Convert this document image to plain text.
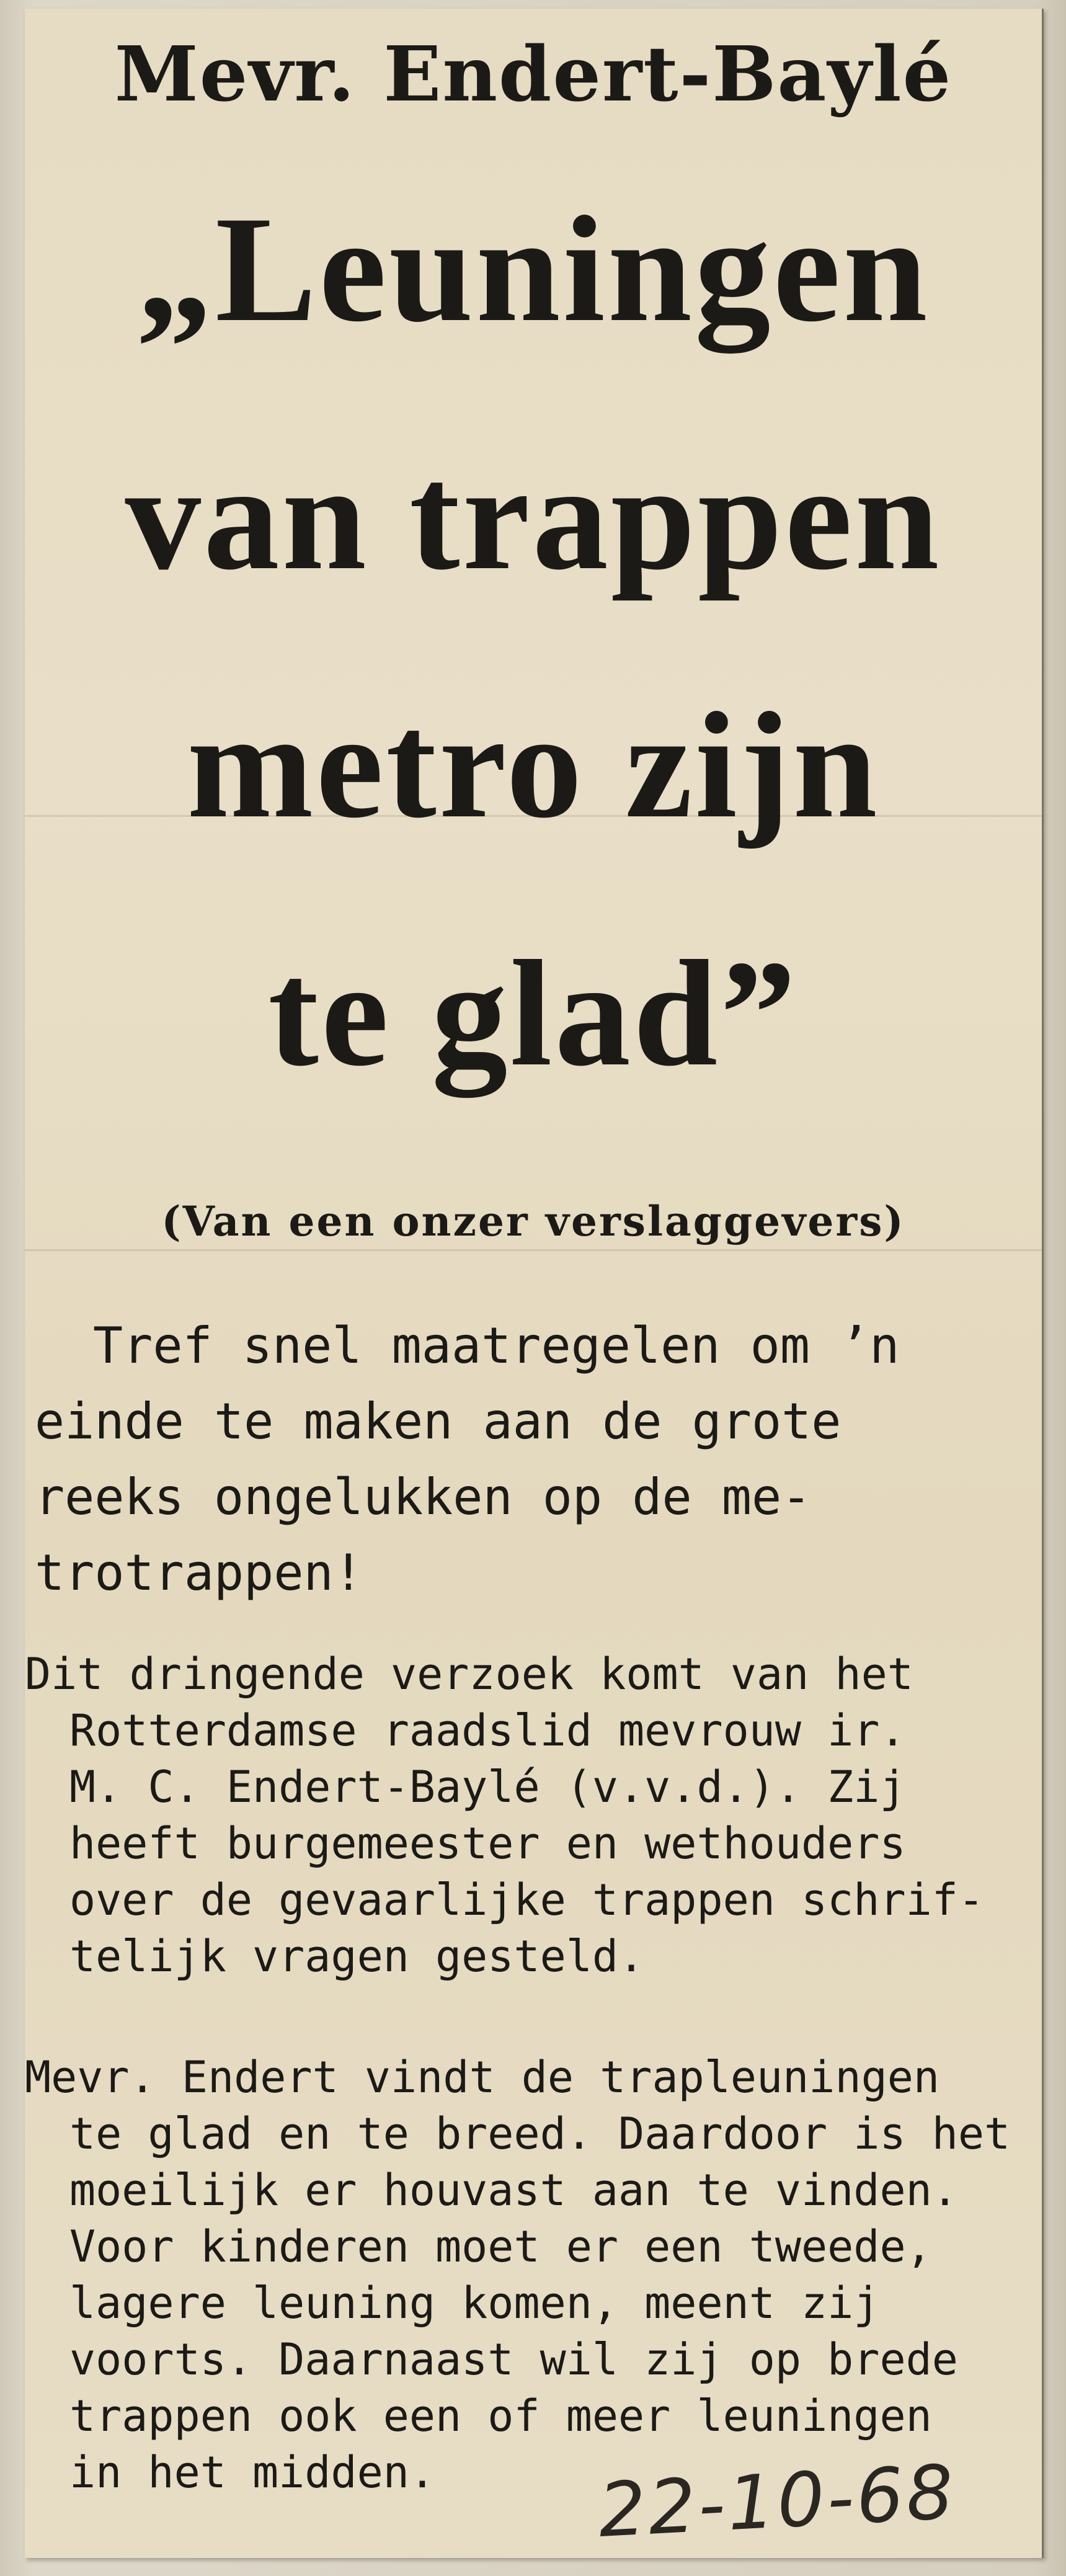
Mevr. Endert-Baylé
„Leuningen
van trappen
metro zijn
te glad”
(Van een onzer verslaggevers)
Tref snel maatregelen om ’n
einde te maken aan de grote
reeks ongelukken op de me-
trotrappen!
Dit dringende verzoek komt van het
Rotterdamse raadslid mevrouw ir.
M. C. Endert-Baylé (v.v.d.). Zij
heeft burgemeester en wethouders
over de gevaarlijke trappen schrif-
telijk vragen gesteld.
Mevr. Endert vindt de trapleuningen
te glad en te breed. Daardoor is het
moeilijk er houvast aan te vinden.
Voor kinderen moet er een tweede,
lagere leuning komen, meent zij
voorts. Daarnaast wil zij op brede
trappen ook een of meer leuningen
in het midden. 22-10-68
